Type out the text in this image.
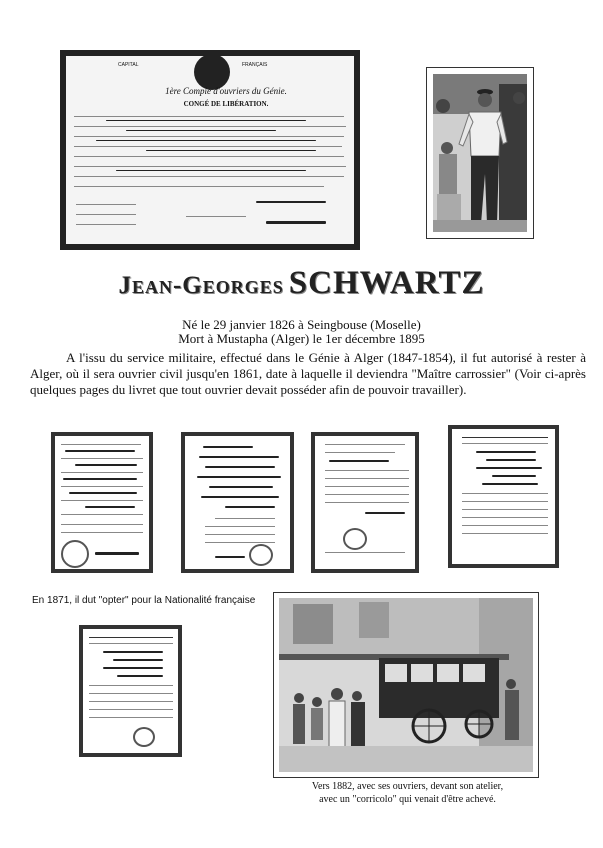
CAPITAL	FRANÇAIS
1ère Compie d'ouvriers du Génie.
CONGÉ DE LIBÉRATION.
Jean-Georges SCHWARTZ
Né le 29 janvier 1826 à Seingbouse (Moselle)
Mort à Mustapha (Alger) le 1er décembre 1895
A l'issu du service militaire, effectué dans le Génie à Alger (1847-1854), il fut autorisé à rester à Alger, où il sera ouvrier civil jusqu'en 1861, date à laquelle il deviendra "Maître carrossier" (Voir ci-après quelques pages du livret que tout ouvrier devait posséder afin de pouvoir travailler).
En 1871, il dut "opter" pour la Nationalité française
Vers 1882, avec ses ouvriers, devant son atelier,
avec un "corricolo" qui venait d'être achevé.
